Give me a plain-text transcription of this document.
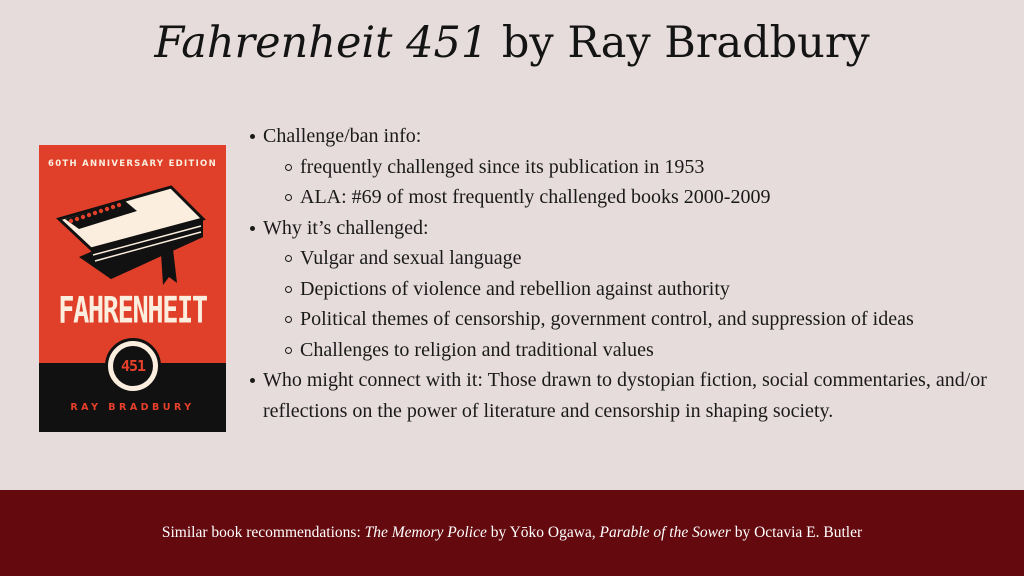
Fahrenheit 451 by Ray Bradbury
60TH ANNIVERSARY EDITION
FAHRENHEIT
451
RAY BRADBURY
Challenge/ban info:
frequently challenged since its publication in 1953
ALA: #69 of most frequently challenged books 2000-2009
Why it’s challenged:
Vulgar and sexual language
Depictions of violence and rebellion against authority
Political themes of censorship, government control, and suppression of ideas
Challenges to religion and traditional values
Who might connect with it: Those drawn to dystopian fiction, social commentaries, and/or reflections on the power of literature and censorship in shaping society.
Similar book recommendations: The Memory Police by Yōko Ogawa, Parable of the Sower by Octavia E. Butler
